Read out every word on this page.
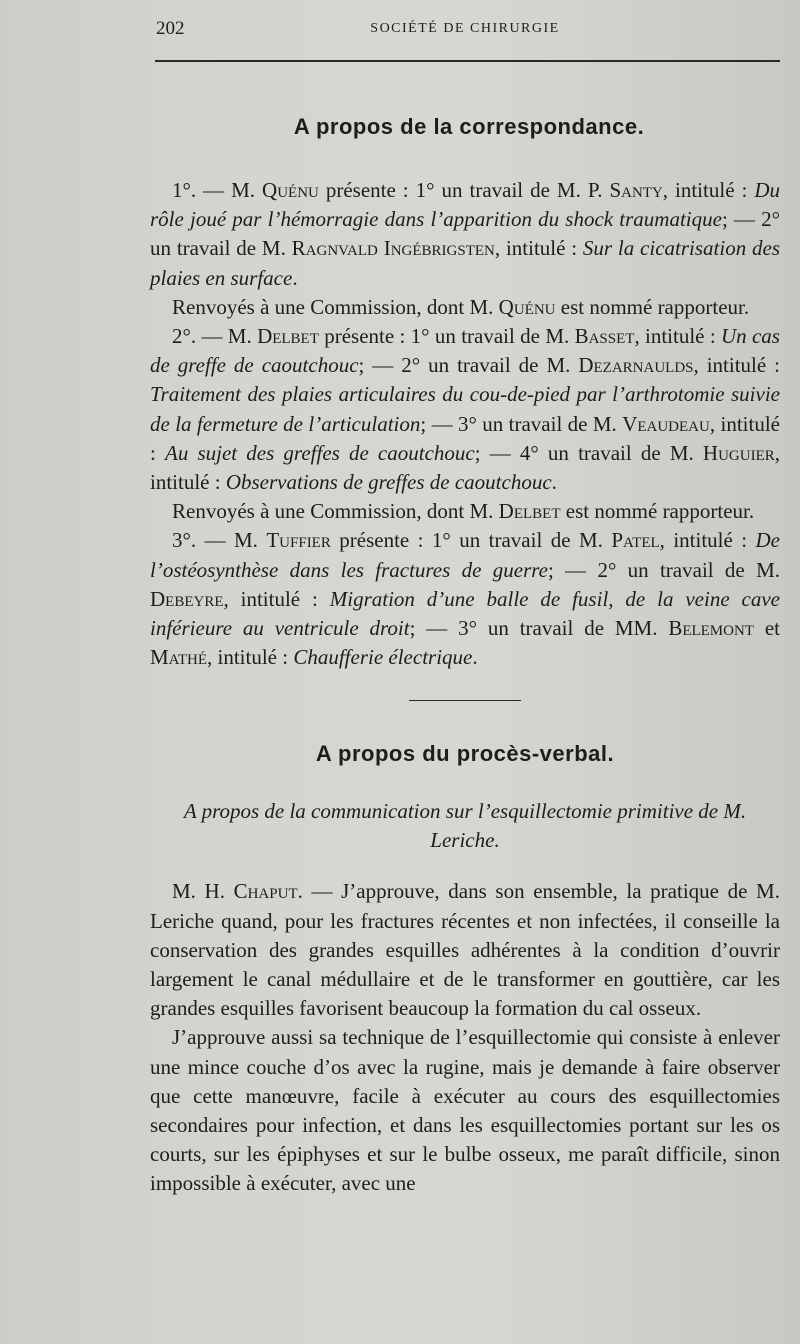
202	SOCIÉTÉ DE CHIRURGIE
A propos de la correspondance.

1°. — M. Quénu présente : 1° un travail de M. P. Santy, intitulé : Du rôle joué par l’hémorragie dans l’apparition du shock traumatique; — 2° un travail de M. Ragnvald Ingébrigsten, intitulé : Sur la cicatrisation des plaies en surface.

Renvoyés à une Commission, dont M. Quénu est nommé rapporteur.

2°. — M. Delbet présente : 1° un travail de M. Basset, intitulé : Un cas de greffe de caoutchouc; — 2° un travail de M. Dezarnaulds, intitulé : Traitement des plaies articulaires du cou-de-pied par l’arthrotomie suivie de la fermeture de l’articulation; — 3° un travail de M. Veaudeau, intitulé : Au sujet des greffes de caoutchouc; — 4° un travail de M. Huguier, intitulé : Observations de greffes de caoutchouc.

Renvoyés à une Commission, dont M. Delbet est nommé rapporteur.

3°. — M. Tuffier présente : 1° un travail de M. Patel, intitulé : De l’ostéosynthèse dans les fractures de guerre; — 2° un travail de M. Debeyre, intitulé : Migration d’une balle de fusil, de la veine cave inférieure au ventricule droit; — 3° un travail de MM. Belemont et Mathé, intitulé : Chaufferie électrique.

A propos du procès-verbal.
A propos de la communication sur l’esquillectomie primitive de M. Leriche.

M. H. Chaput. — J’approuve, dans son ensemble, la pratique de M. Leriche quand, pour les fractures récentes et non infectées, il conseille la conservation des grandes esquilles adhérentes à la condition d’ouvrir largement le canal médullaire et de le transformer en gouttière, car les grandes esquilles favorisent beaucoup la formation du cal osseux.

J’approuve aussi sa technique de l’esquillectomie qui consiste à enlever une mince couche d’os avec la rugine, mais je demande à faire observer que cette manœuvre, facile à exécuter au cours des esquillectomies secondaires pour infection, et dans les esquillectomies portant sur les os courts, sur les épiphyses et sur le bulbe osseux, me paraît difficile, sinon impossible à exécuter, avec une
